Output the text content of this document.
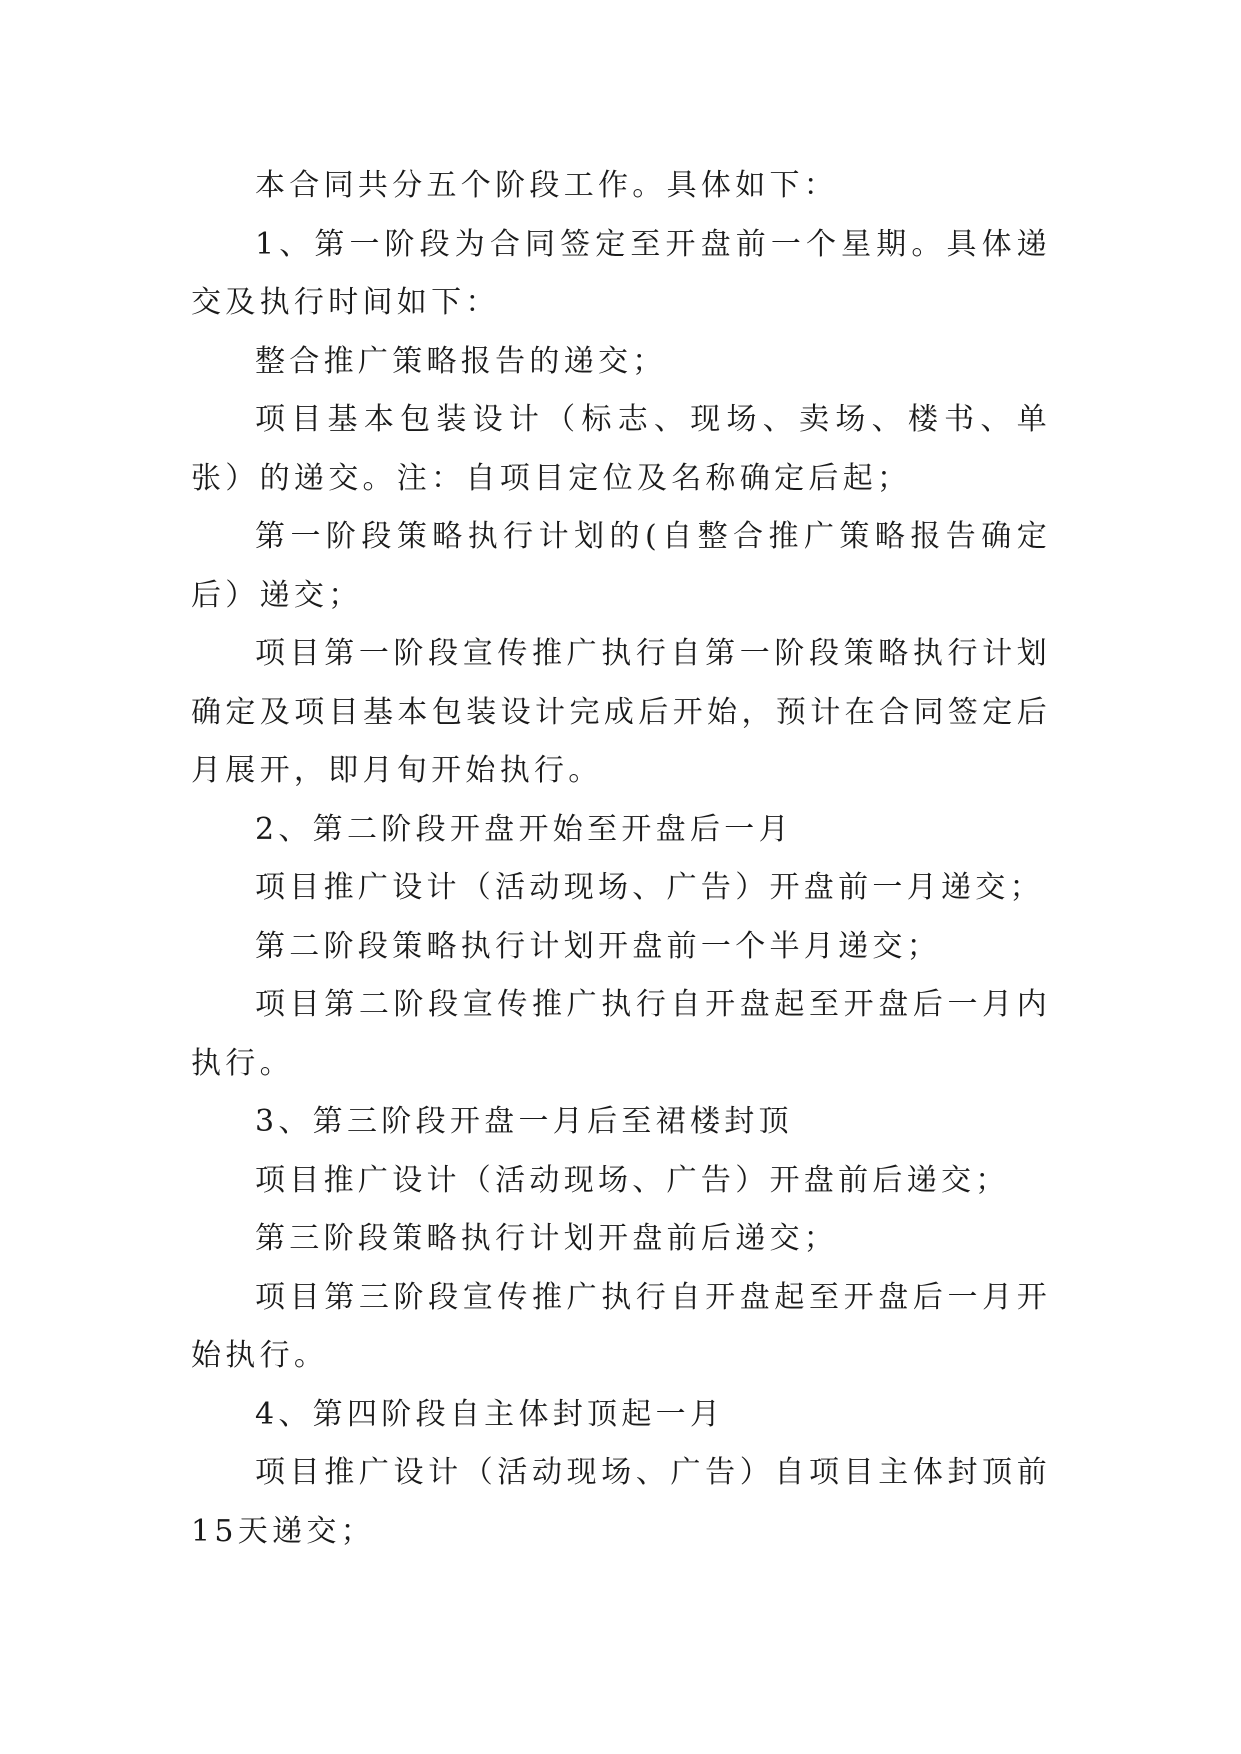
本合同共分五个阶段工作。具体如下：

1、第一阶段为合同签定至开盘前一个星期。具体递交及执行时间如下：

整合推广策略报告的递交；

项目基本包装设计（标志、现场、卖场、楼书、单张）的递交。注：自项目定位及名称确定后起；

第一阶段策略执行计划的(自整合推广策略报告确定后）递交；

项目第一阶段宣传推广执行自第一阶段策略执行计划确定及项目基本包装设计完成后开始，预计在合同签定后月展开，即月旬开始执行。

2、第二阶段开盘开始至开盘后一月

项目推广设计（活动现场、广告）开盘前一月递交；

第二阶段策略执行计划开盘前一个半月递交；

项目第二阶段宣传推广执行自开盘起至开盘后一月内执行。

3、第三阶段开盘一月后至裙楼封顶

项目推广设计（活动现场、广告）开盘前后递交；

第三阶段策略执行计划开盘前后递交；

项目第三阶段宣传推广执行自开盘起至开盘后一月开始执行。

4、第四阶段自主体封顶起一月

项目推广设计（活动现场、广告）自项目主体封顶前15天递交；
